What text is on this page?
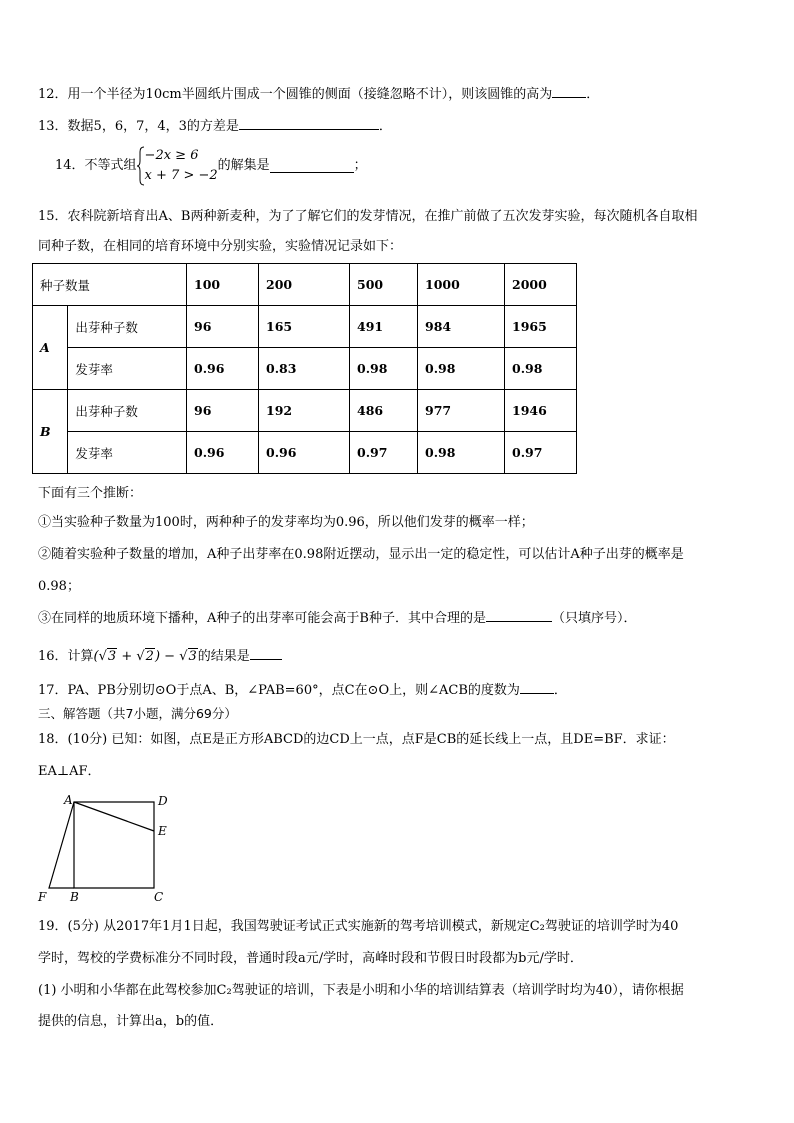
12．用一个半径为10cm半圆纸片围成一个圆锥的侧面（接缝忽略不计），则该圆锥的高为	．
13．数据5，6，7，4，3的方差是	．
14．不等式组
−2x ≥ 6
x + 7 > −2
的解集是	；
15．农科院新培育出A、B两种新麦种，为了了解它们的发芽情况，在推广前做了五次发芽实验，每次随机各自取相
同种子数，在相同的培育环境中分别实验，实验情况记录如下：
种子数量		100	200	500	1000	2000
A	出芽种子数	96	165	491	984	1965
	发芽率	0.96	0.83	0.98	0.98	0.98
B	出芽种子数	96	192	486	977	1946
	发芽率	0.96	0.96	0.97	0.98	0.97
下面有三个推断：
①当实验种子数量为100时，两种种子的发芽率均为0.96，所以他们发芽的概率一样；
②随着实验种子数量的增加，A种子出芽率在0.98附近摆动，显示出一定的稳定性，可以估计A种子出芽的概率是
0.98；
③在同样的地质环境下播种，A种子的出芽率可能会高于B种子．其中合理的是	（只填序号）．
16．计算(√3 + √2) − √3的结果是
17．PA、PB分别切⊙O于点A、B，∠PAB=60°，点C在⊙O上，则∠ACB的度数为	．
三、解答题（共7小题，满分69分）
18．(10分) 已知：如图，点E是正方形ABCD的边CD上一点，点F是CB的延长线上一点，且DE=BF．求证：
EA⊥AF．
A	D
E
F B	C
19．(5分) 从2017年1月1日起，我国驾驶证考试正式实施新的驾考培训模式，新规定C₂驾驶证的培训学时为40
学时，驾校的学费标准分不同时段，普通时段a元/学时，高峰时段和节假日时段都为b元/学时．
(1) 小明和小华都在此驾校参加C₂驾驶证的培训，下表是小明和小华的培训结算表（培训学时均为40），请你根据
提供的信息，计算出a，b的值．
